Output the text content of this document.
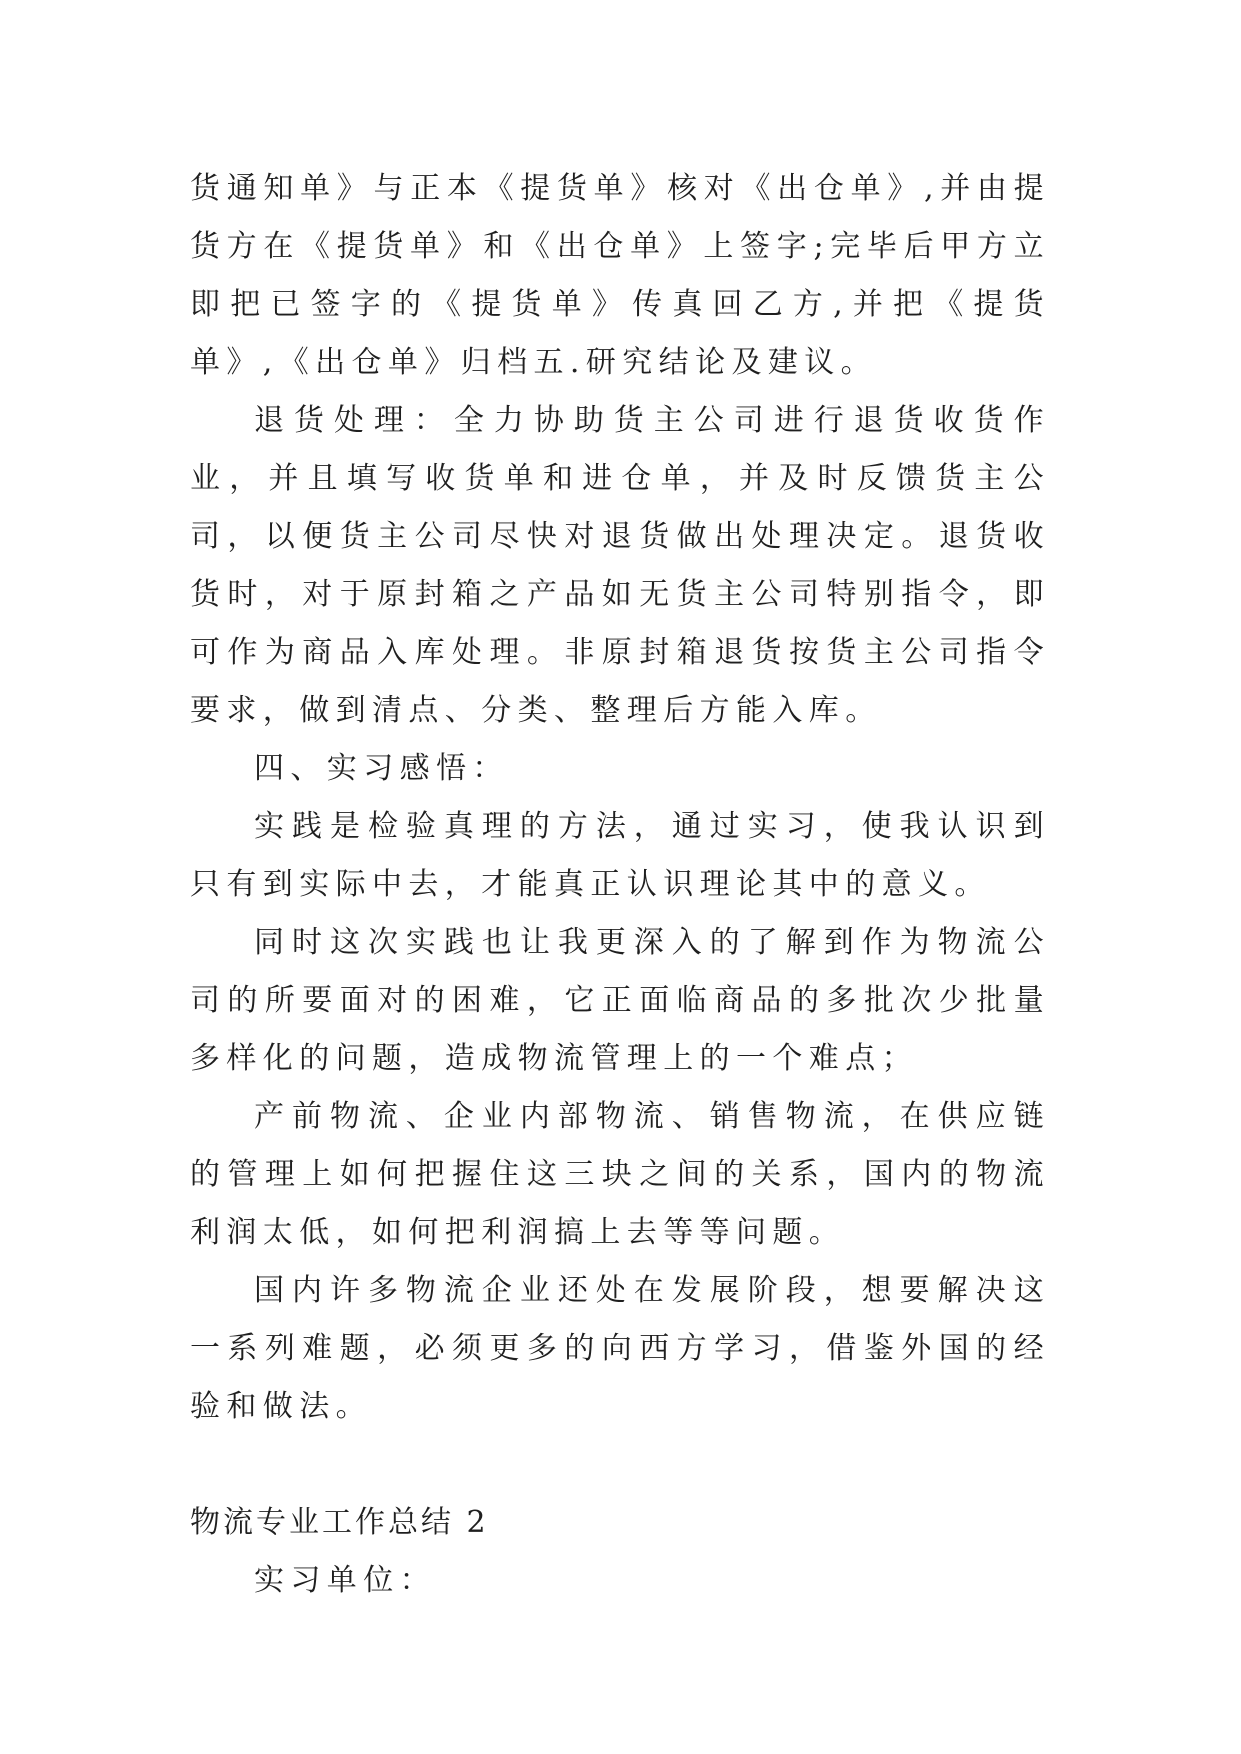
货通知单》与正本《提货单》核对《出仓单》,并由提货方在《提货单》和《出仓单》上签字;完毕后甲方立即把已签字的《提货单》传真回乙方,并把《提货单》,《出仓单》归档五.研究结论及建议。

退货处理：全力协助货主公司进行退货收货作业，并且填写收货单和进仓单，并及时反馈货主公司，以便货主公司尽快对退货做出处理决定。退货收货时，对于原封箱之产品如无货主公司特别指令，即可作为商品入库处理。非原封箱退货按货主公司指令要求，做到清点、分类、整理后方能入库。

四、实习感悟：

实践是检验真理的方法，通过实习，使我认识到只有到实际中去，才能真正认识理论其中的意义。

同时这次实践也让我更深入的了解到作为物流公司的所要面对的困难，它正面临商品的多批次少批量多样化的问题，造成物流管理上的一个难点；

产前物流、企业内部物流、销售物流，在供应链的管理上如何把握住这三块之间的关系，国内的物流利润太低，如何把利润搞上去等等问题。

国内许多物流企业还处在发展阶段，想要解决这一系列难题，必须更多的向西方学习，借鉴外国的经验和做法。

物流专业工作总结 2

实习单位：
